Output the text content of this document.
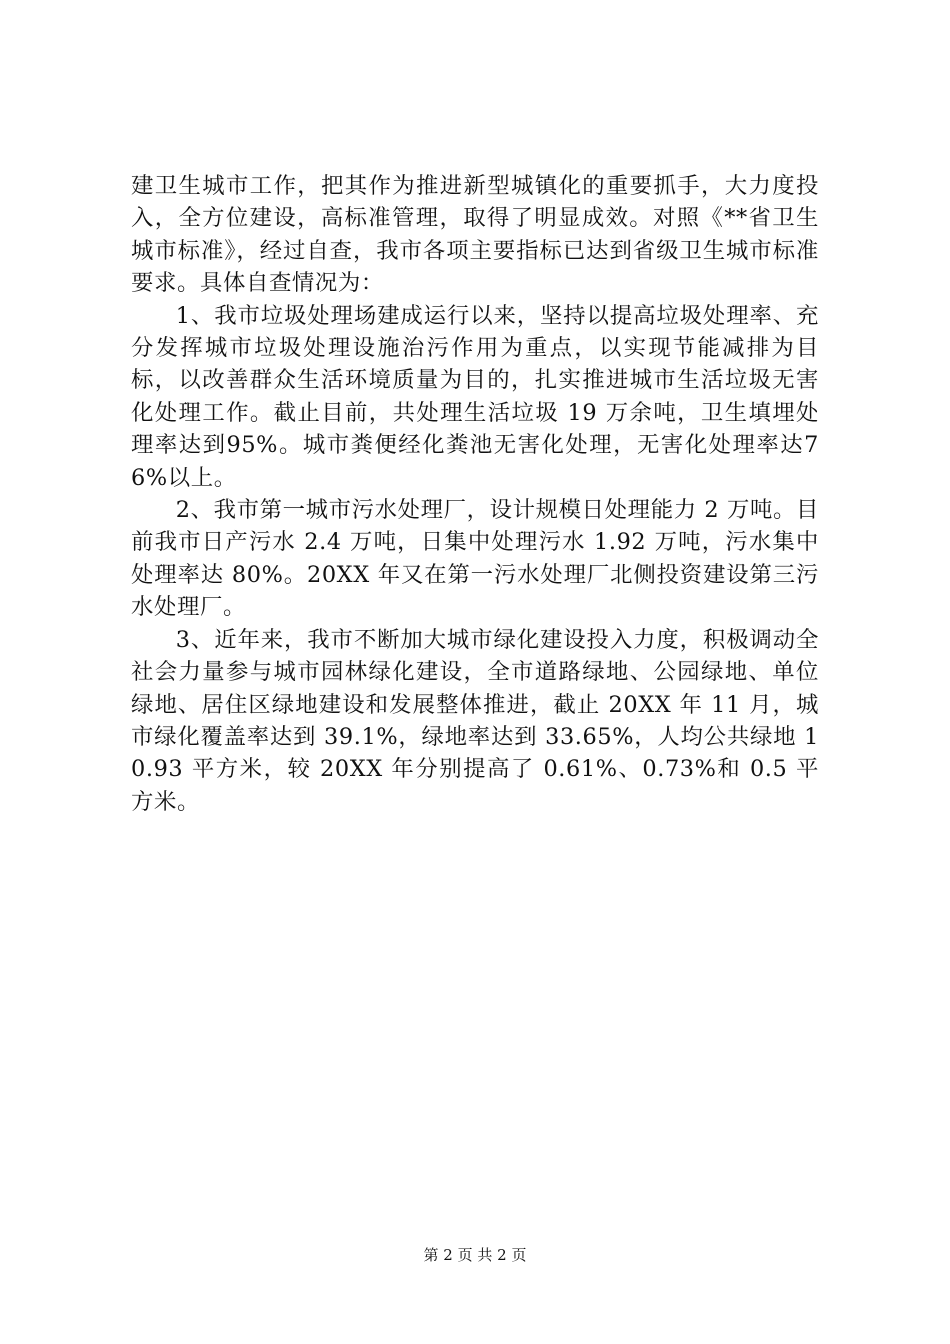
建卫生城市工作，把其作为推进新型城镇化的重要抓手，大力度投入，全方位建设，高标准管理，取得了明显成效。对照《**省卫生城市标准》，经过自查，我市各项主要指标已达到省级卫生城市标准要求。具体自查情况为：

1、我市垃圾处理场建成运行以来，坚持以提高垃圾处理率、充分发挥城市垃圾处理设施治污作用为重点，以实现节能减排为目标，以改善群众生活环境质量为目的，扎实推进城市生活垃圾无害化处理工作。截止目前，共处理生活垃圾 19 万余吨，卫生填埋处理率达到95%。城市粪便经化粪池无害化处理，无害化处理率达76%以上。

2、我市第一城市污水处理厂，设计规模日处理能力 2 万吨。目前我市日产污水 2.4 万吨，日集中处理污水 1.92 万吨，污水集中处理率达 80%。20XX 年又在第一污水处理厂北侧投资建设第三污水处理厂。

3、近年来，我市不断加大城市绿化建设投入力度，积极调动全社会力量参与城市园林绿化建设，全市道路绿地、公园绿地、单位绿地、居住区绿地建设和发展整体推进，截止 20XX 年 11 月，城市绿化覆盖率达到 39.1%，绿地率达到 33.65%，人均公共绿地 10.93 平方米，较 20XX 年分别提高了 0.61%、0.73%和 0.5 平方米。

第 2 页 共 2 页
